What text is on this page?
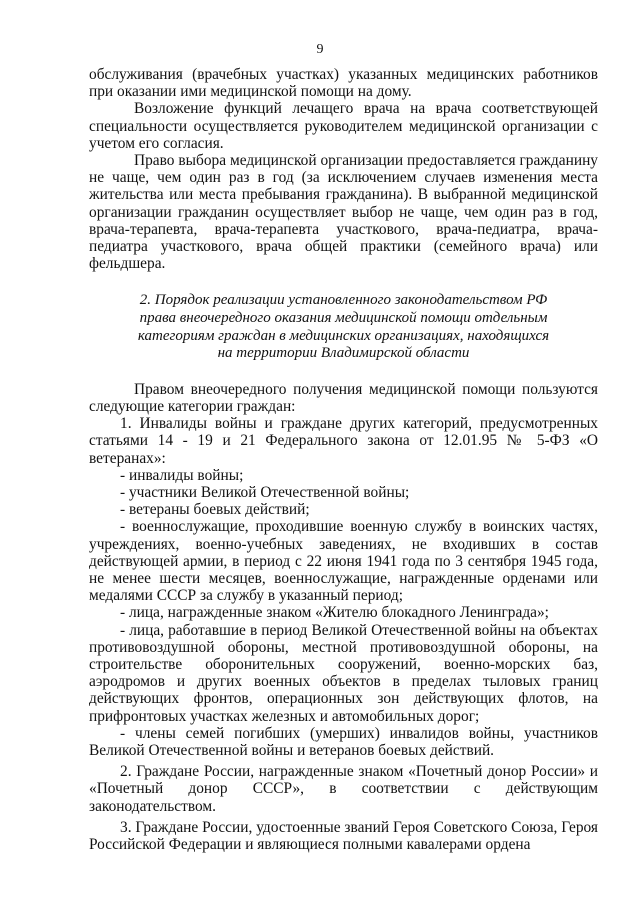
9

обслуживания (врачебных участках) указанных медицинских работников при оказании ими медицинской помощи на дому.

Возложение функций лечащего врача на врача соответствующей специальности осуществляется руководителем медицинской организации с учетом его согласия.

Право выбора медицинской организации предоставляется гражданину не чаще, чем один раз в год (за исключением случаев изменения места жительства или места пребывания гражданина). В выбранной медицинской организации гражданин осуществляет выбор не чаще, чем один раз в год, врача-терапевта, врача-терапевта участкового, врача-педиатра, врача-педиатра участкового, врача общей практики (семейного врача) или фельдшера.

2. Порядок реализации установленного законодательством РФ
права внеочередного оказания медицинской помощи отдельным
категориям граждан в медицинских организациях, находящихся
на территории Владимирской области

Правом внеочередного получения медицинской помощи пользуются следующие категории граждан:

1. Инвалиды войны и граждане других категорий, предусмотренных статьями 14 - 19 и 21 Федерального закона от 12.01.95 № 5-ФЗ «О ветеранах»:

- инвалиды войны;

- участники Великой Отечественной войны;

- ветераны боевых действий;

- военнослужащие, проходившие военную службу в воинских частях, учреждениях, военно-учебных заведениях, не входивших в состав действующей армии, в период с 22 июня 1941 года по 3 сентября 1945 года, не менее шести месяцев, военнослужащие, награжденные орденами или медалями СССР за службу в указанный период;

- лица, награжденные знаком «Жителю блокадного Ленинграда»;

- лица, работавшие в период Великой Отечественной войны на объектах противовоздушной обороны, местной противовоздушной обороны, на строительстве оборонительных сооружений, военно-морских баз, аэродромов и других военных объектов в пределах тыловых границ действующих фронтов, операционных зон действующих флотов, на прифронтовых участках железных и автомобильных дорог;

- члены семей погибших (умерших) инвалидов войны, участников Великой Отечественной войны и ветеранов боевых действий.

2. Граждане России, награжденные знаком «Почетный донор России» и «Почетный донор СССР», в соответствии с действующим законодательством.

3. Граждане России, удостоенные званий Героя Советского Союза, Героя Российской Федерации и являющиеся полными кавалерами ордена
